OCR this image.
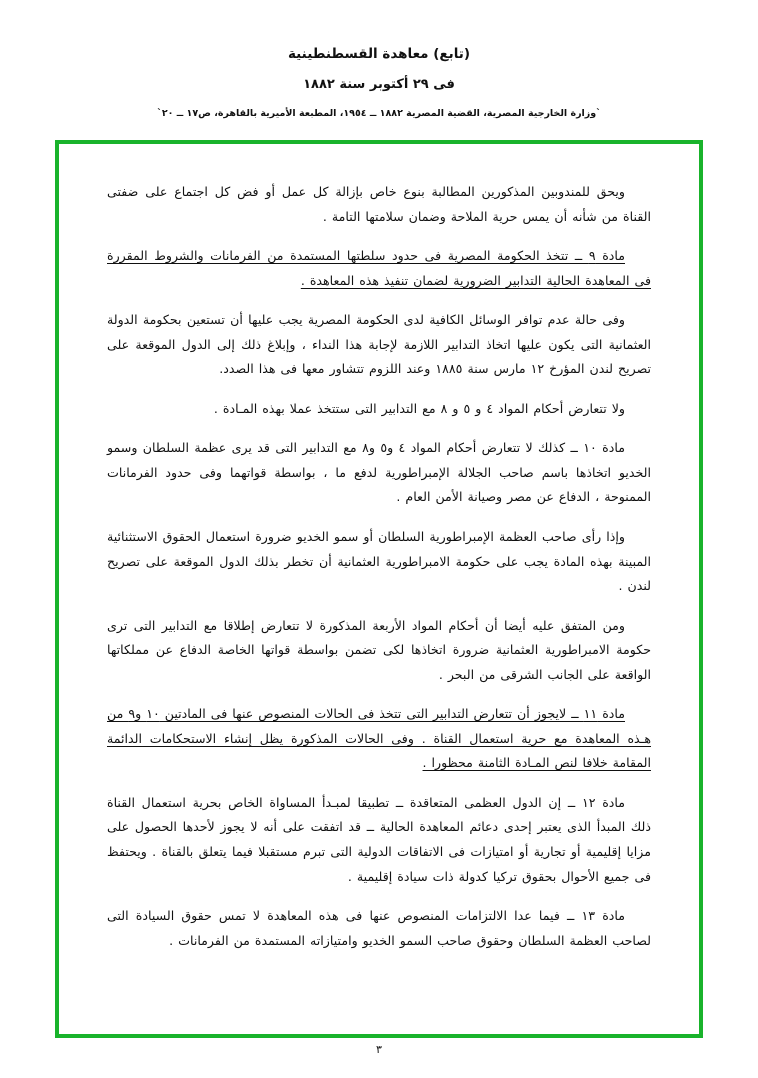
(تابع) معاهدة القسطنطينية
فى ٢٩ أكتوبر سنة ١٨٨٢
`وزارة الخارجية المصرية، القضية المصرية ١٨٨٢ ــ ١٩٥٤، المطبعة الأميرية بالقاهرة، ص١٧ ــ ٢٠`

ويحق للمندوبين المذكورين المطالبة بنوع خاص بإزالة كل عمل أو فض كل اجتماع على ضفتى القناة من شأنه أن يمس حرية الملاحة وضمان سلامتها التامة .

مادة ٩ ــ تتخذ الحكومة المصرية فى حدود سلطتها المستمدة من الفرمانات والشروط المقررة فى المعاهدة الحالية التدابير الضرورية لضمان تنفيذ هذه المعاهدة .

وفى حالة عدم توافر الوسائل الكافية لدى الحكومة المصرية يجب عليها أن تستعين بحكومة الدولة العثمانية التى يكون عليها اتخاذ التدابير اللازمة لإجابة هذا النداء ، وإبلاغ ذلك إلى الدول الموقعة على تصريح لندن المؤرخ ١٢ مارس سنة ١٨٨٥ وعند اللزوم تتشاور معها فى هذا الصدد.

ولا تتعارض أحكام المواد ٤ و ٥ و ٨ مع التدابير التى ستتخذ عملا بهذه المـادة .

مادة ١٠ ــ كذلك لا تتعارض أحكام المواد ٤ و٥ و٨ مع التدابير التى قد يرى عظمة السلطان وسمو الخديو اتخاذها باسم صاحب الجلالة الإمبراطورية لدفع ما ، بواسطة قواتهما وفى حدود الفرمانات الممنوحة ، الدفاع عن مصر وصيانة الأمن العام .

وإذا رأى صاحب العظمة الإمبراطورية السلطان أو سمو الخديو ضرورة استعمال الحقوق الاستثنائية المبينة بهذه المادة يجب على حكومة الامبراطورية العثمانية أن تخطر بذلك الدول الموقعة على تصريح لندن .

ومن المتفق عليه أيضا أن أحكام المواد الأربعة المذكورة لا تتعارض إطلاقا مع التدابير التى ترى حكومة الامبراطورية العثمانية ضرورة اتخاذها لكى تضمن بواسطة قواتها الخاصة الدفاع عن مملكاتها الواقعة على الجانب الشرقى من البحر .

مادة ١١ ــ لايجوز أن تتعارض التدابير التى تتخذ فى الحالات المنصوص عنها فى المادتين ١٠ و٩ من هـذه المعاهدة مع حرية استعمال القناة . وفى الحالات المذكورة يظل إنشاء الاستحكامات الدائمة المقامة خلافا لنص المـادة الثامنة محظورا .

مادة ١٢ ــ إن الدول العظمى المتعاقدة ــ تطبيقا لمبـدأ المساواة الخاص بحرية استعمال القناة ذلك المبدأ الذى يعتبر إحدى دعائم المعاهدة الحالية ــ قد اتفقت على أنه لا يجوز لأحدها الحصول على مزايا إقليمية أو تجارية أو امتيازات فى الاتفاقات الدولية التى تبرم مستقبلا فيما يتعلق بالقناة . ويحتفظ فى جميع الأحوال بحقوق تركيا كدولة ذات سيادة إقليمية .

مادة ١٣ ــ فيما عدا الالتزامات المنصوص عنها فى هذه المعاهدة لا تمس حقوق السيادة التى لصاحب العظمة السلطان وحقوق صاحب السمو الخديو وامتيازاته المستمدة من الفرمانات .

٣
